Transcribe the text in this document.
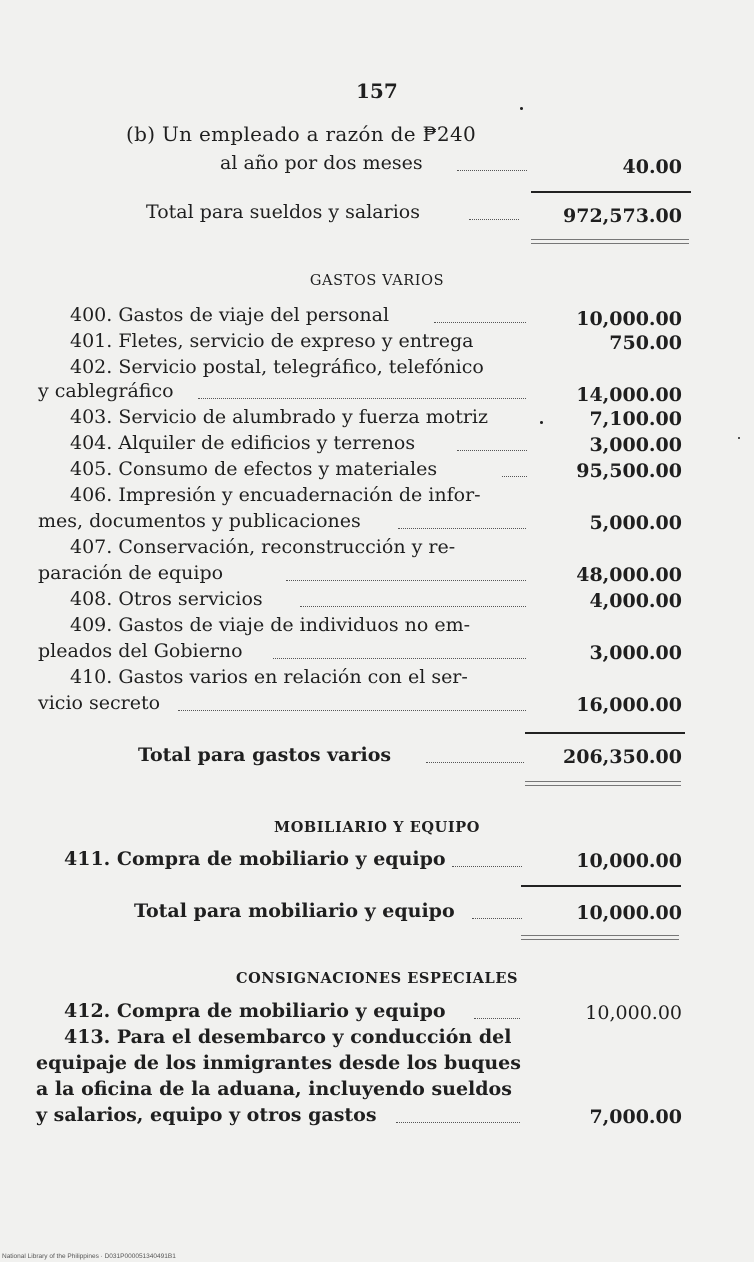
157
(b) Un empleado a razón de ₱240
al año por dos meses	40.00
Total para sueldos y salarios	972,573.00
GASTOS VARIOS
400. Gastos de viaje del personal	10,000.00
401. Fletes, servicio de expreso y entrega	750.00
402. Servicio postal, telegráfico, telefónico
y cablegráfico	14,000.00
403. Servicio de alumbrado y fuerza motriz	7,100.00
404. Alquiler de edificios y terrenos	3,000.00
405. Consumo de efectos y materiales	95,500.00
406. Impresión y encuadernación de infor-
mes, documentos y publicaciones	5,000.00
407. Conservación, reconstrucción y re-
paración de equipo	48,000.00
408. Otros servicios	4,000.00
409. Gastos de viaje de individuos no em-
pleados del Gobierno	3,000.00
410. Gastos varios en relación con el ser-
vicio secreto	16,000.00
Total para gastos varios	206,350.00
MOBILIARIO Y EQUIPO
411. Compra de mobiliario y equipo	10,000.00
Total para mobiliario y equipo	10,000.00
CONSIGNACIONES ESPECIALES
412. Compra de mobiliario y equipo	10,000.00
413. Para el desembarco y conducción del
equipaje de los inmigrantes desde los buques
a la oficina de la aduana, incluyendo sueldos
y salarios, equipo y otros gastos	7,000.00
National Library of the Philippines · D031P000051340491B1
